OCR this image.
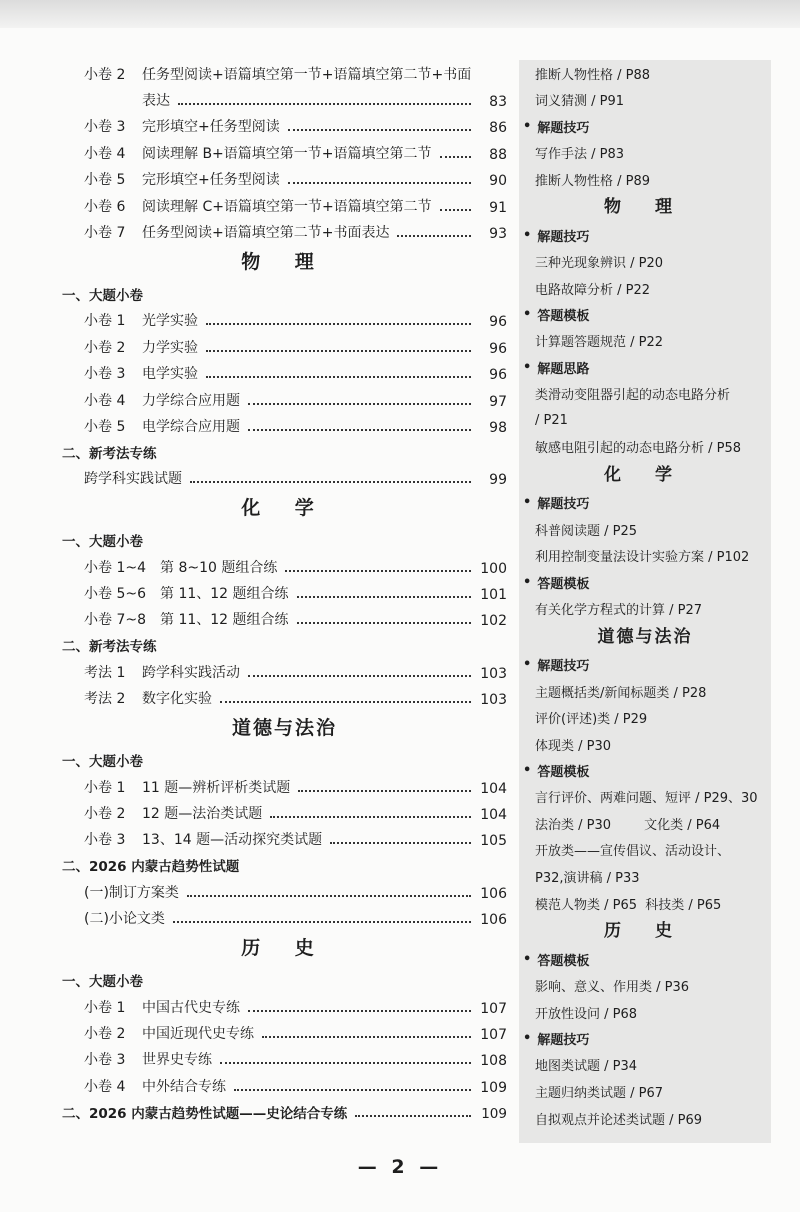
小卷 2	任务型阅读+语篇填空第一节+语篇填空第二节+书面
表达	83
小卷 3	完形填空+任务型阅读	86
小卷 4	阅读理解 B+语篇填空第一节+语篇填空第二节	88
小卷 5	完形填空+任务型阅读	90
小卷 6	阅读理解 C+语篇填空第一节+语篇填空第二节	91
小卷 7	任务型阅读+语篇填空第二节+书面表达	93
物 理
一、大题小卷
小卷 1	光学实验	96
小卷 2	力学实验	96
小卷 3	电学实验	96
小卷 4	力学综合应用题	97
小卷 5	电学综合应用题	98
二、新考法专练
跨学科实践试题	99
化 学
一、大题小卷
小卷 1~4	第 8~10 题组合练	100
小卷 5~6	第 11、12 题组合练	101
小卷 7~8	第 11、12 题组合练	102
二、新考法专练
考法 1	跨学科实践活动	103
考法 2	数字化实验	103
道德与法治
一、大题小卷
小卷 1	11 题—辨析评析类试题	104
小卷 2	12 题—法治类试题	104
小卷 3	13、14 题—活动探究类试题	105
二、2026 内蒙古趋势性试题
(一)制订方案类	106
(二)小论文类	106
历 史
一、大题小卷
小卷 1	中国古代史专练	107
小卷 2	中国近现代史专练	107
小卷 3	世界史专练	108
小卷 4	中外结合专练	109
二、2026 内蒙古趋势性试题——史论结合专练	109
推断人物性格 / P88
词义猜测 / P91
• 解题技巧
写作手法 / P83
推断人物性格 / P89
物 理
• 解题技巧
三种光现象辨识 / P20
电路故障分析 / P22
• 答题模板
计算题答题规范 / P22
• 解题思路
类滑动变阻器引起的动态电路分析
/ P21
敏感电阻引起的动态电路分析 / P58
化 学
• 解题技巧
科普阅读题 / P25
利用控制变量法设计实验方案 / P102
• 答题模板
有关化学方程式的计算 / P27
道德与法治
• 解题技巧
主题概括类/新闻标题类 / P28
评价(评述)类 / P29
体现类 / P30
• 答题模板
言行评价、两难问题、短评 / P29、30
法治类 / P30        文化类 / P64
开放类——宣传倡议、活动设计、
P32,演讲稿 / P33
模范人物类 / P65  科技类 / P65
历 史
• 答题模板
影响、意义、作用类 / P36
开放性设问 / P68
• 解题技巧
地图类试题 / P34
主题归纳类试题 / P67
自拟观点并论述类试题 / P69
— 2 —
